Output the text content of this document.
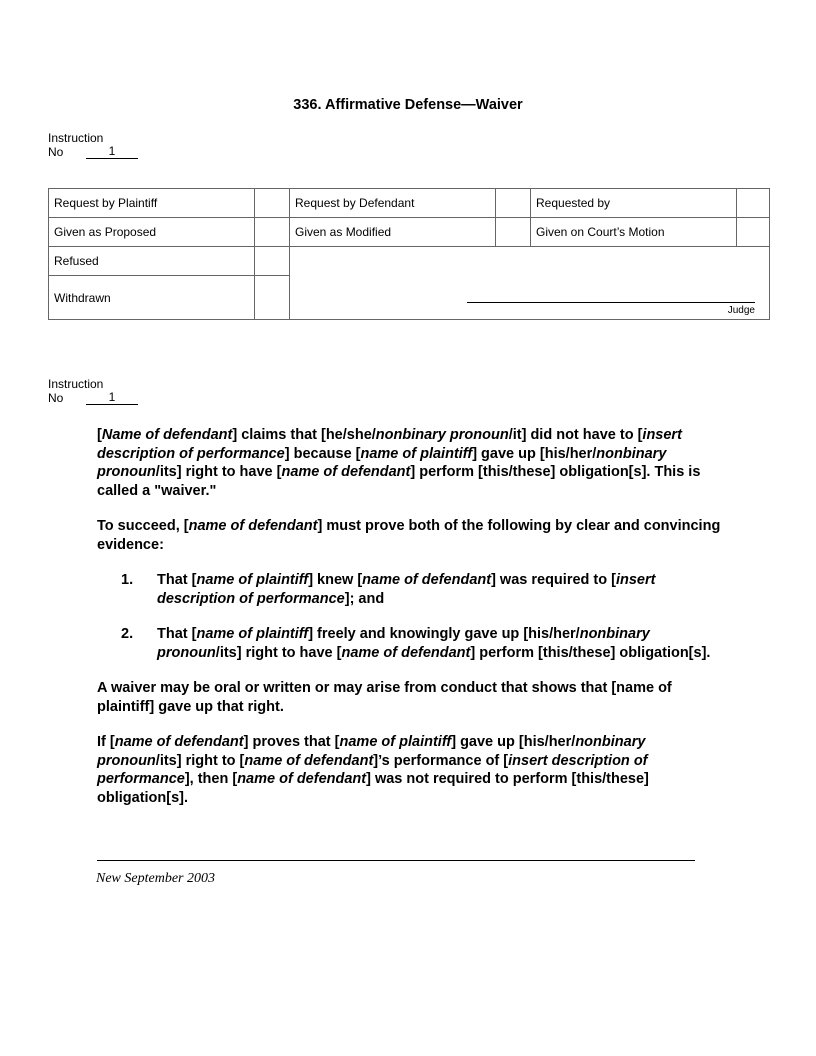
336. Affirmative Defense—Waiver
Instruction
No	1
Request by Plaintiff		Request by Defendant		Requested by	
Given as Proposed		Given as Modified		Given on Court’s Motion	
Refused		Judge			

Withdrawn					
Instruction
No	1

[Name of defendant] claims that [he/she/nonbinary pronoun/it] did not have to [insert description of performance] because [name of plaintiff] gave up [his/her/nonbinary pronoun/its] right to have [name of defendant] perform [this/these] obligation[s]. This is called a "waiver."

To succeed, [name of defendant] must prove both of the following by clear and convincing evidence:

1.	That [name of plaintiff] knew [name of defendant] was required to [insert description of performance]; and
2.	That [name of plaintiff] freely and knowingly gave up [his/her/nonbinary pronoun/its] right to have [name of defendant] perform [this/these] obligation[s].

A waiver may be oral or written or may arise from conduct that shows that [name of plaintiff] gave up that right.

If [name of defendant] proves that [name of plaintiff] gave up [his/her/nonbinary pronoun/its] right to [name of defendant]’s performance of [insert description of performance], then [name of defendant] was not required to perform [this/these] obligation[s].

New September 2003
